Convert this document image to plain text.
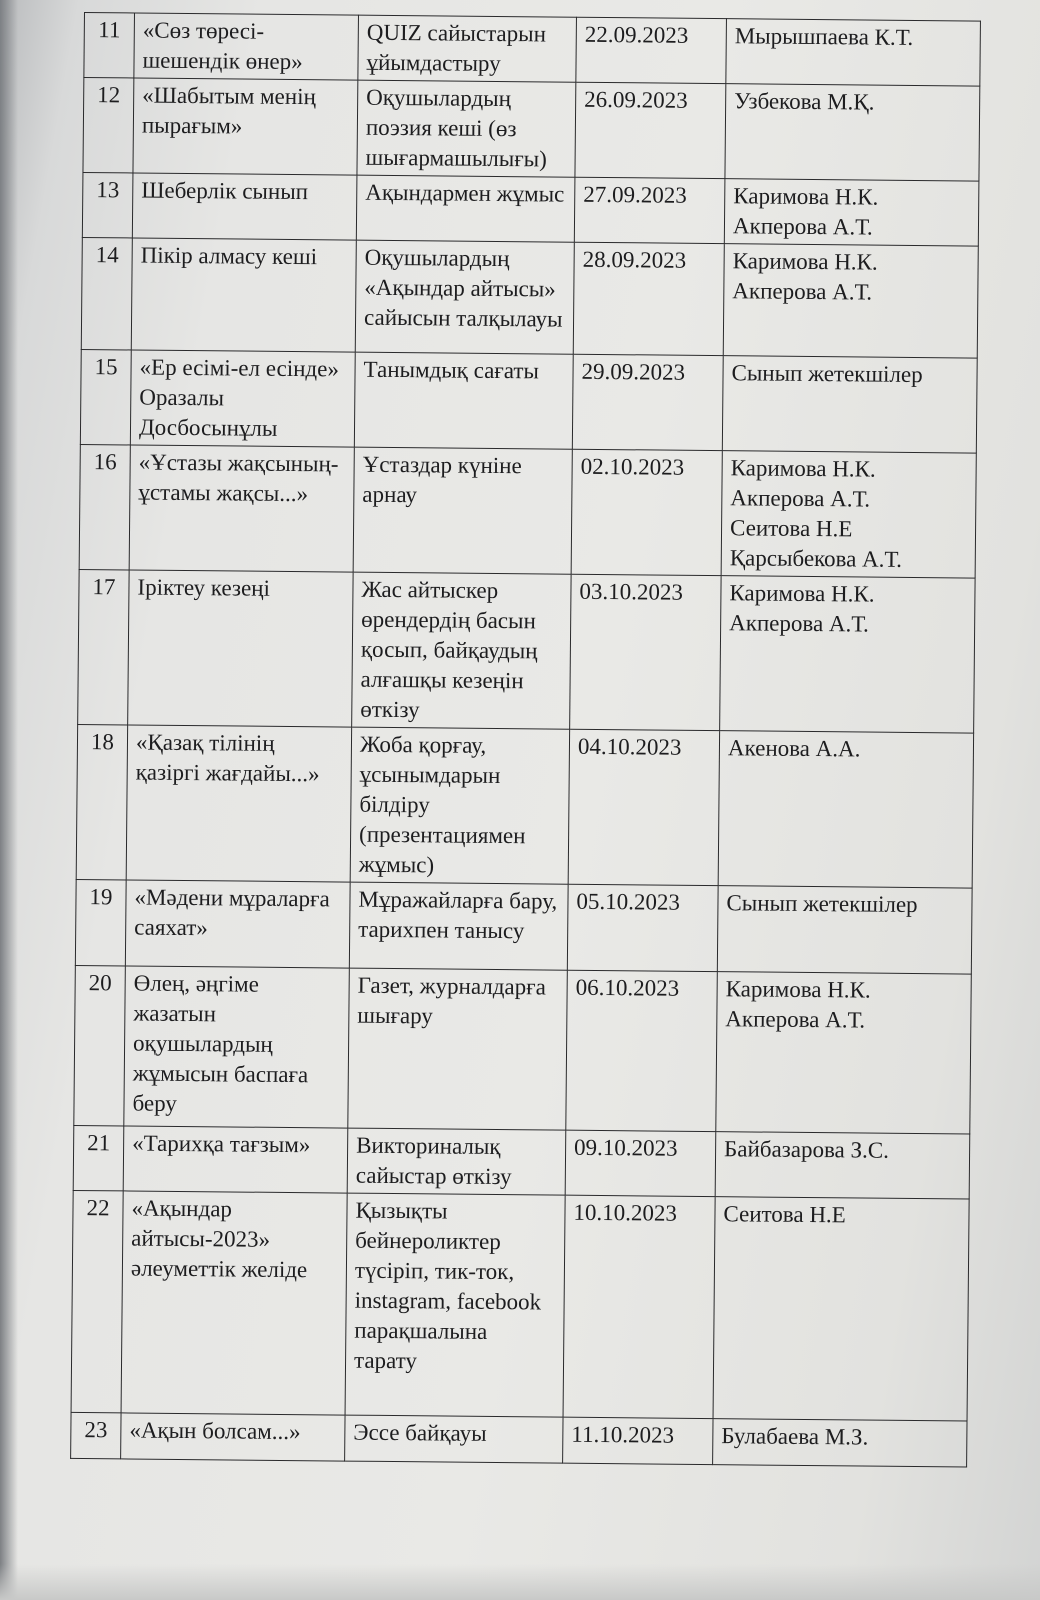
11	«Сөз төресі-шешендік өнер»	QUIZ сайыстарын ұйымдастыру	22.09.2023	Мырышпаева К.Т.

12	«Шабытым менің пырағым»	Оқушылардың поэзия кеші (өз шығармашылығы)	26.09.2023	Узбекова М.Қ.

13	Шеберлік сынып	Ақындармен жұмыс	27.09.2023	Каримова Н.К.
Акперова А.Т.

14	Пікір алмасу кеші	Оқушылардың «Ақындар айтысы» сайысын талқылауы	28.09.2023	Каримова Н.К.
Акперова А.Т.

15	«Ер есімі-ел есінде» Оразалы Досбосынұлы	Танымдық сағаты	29.09.2023	Сынып жетекшілер

16	«Ұстазы жақсының-ұстамы жақсы...»	Ұстаздар күніне арнау	02.10.2023	Каримова Н.К.
Акперова А.Т.
Сеитова Н.Е
Қарсыбекова А.Т.

17	Іріктеу кезеңі	Жас айтыскер өрендердің басын қосып, байқаудың алғашқы кезеңін өткізу	03.10.2023	Каримова Н.К.
Акперова А.Т.

18	«Қазақ тілінің қазіргі жағдайы...»	Жоба қорғау, ұсынымдарын білдіру (презентациямен жұмыс)	04.10.2023	Акенова А.А.

19	«Мәдени мұраларға саяхат»	Мұражайларға бару, тарихпен танысу	05.10.2023	Сынып жетекшілер

20	Өлең, әңгіме жазатын оқушылардың жұмысын баспаға беру	Газет, журналдарға шығару	06.10.2023	Каримова Н.К.
Акперова А.Т.

21	«Тарихқа тағзым»	Викториналық сайыстар өткізу	09.10.2023	Байбазарова З.С.

22	«Ақындар айтысы-2023» әлеуметтік желіде	Қызықты бейнероликтер түсіріп, тик-ток, instagram, facebook парақшалына тарату	10.10.2023	Сеитова Н.Е

23	«Ақын болсам...»	Эссе байқауы	11.10.2023	Булабаева М.З.
